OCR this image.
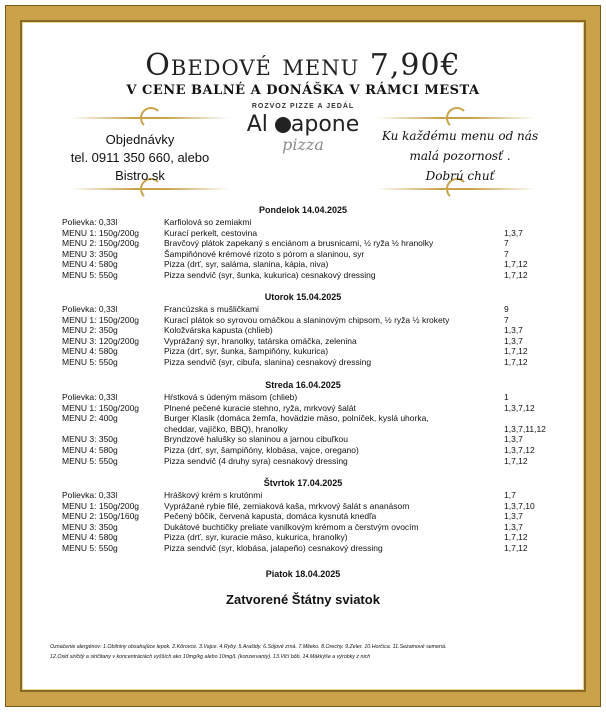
Obedové menu 7,90€
V CENE BALNÉ A DONÁŠKA V RÁMCI MESTA
Objednávky
tel. 0911 350 660, alebo
Bistro.sk
ROZVOZ PIZZE A JEDÁL
Al apone
pizza	Ku každému menu od nás
malá pozornosť .
Dobrú chuť
Pondelok 14.04.2025
Polievka: 0,33l	Karfiolová so zemiakmi
MENU 1: 150g/200g	Kurací perkelt, cestovina	1,3,7
MENU 2: 150g/200g	Bravčový plátok zapekaný s enciánom a brusnicami, ½ ryža ½ hranolky	7
MENU 3: 350g	Šampiňónové krémové rizoto s pórom a slaninou, syr	7
MENU 4: 580g	Pizza (drť, syr, saláma, slanina, kápia, niva)	1,7,12
MENU 5: 550g	Pizza sendvič (syr, šunka, kukurica) cesnakový dressing	1,7,12
Utorok 15.04.2025
Polievka: 0,33l	Francúzska s mušličkami	9
MENU 1: 150g/200g	Kurací plátok so syrovou omáčkou a slaninovým chipsom, ½ ryža ½ krokety	7
MENU 2: 350g	Koložvárska kapusta (chlieb)	1,3,7
MENU 3: 120g/200g	Vyprážaný syr, hranolky, tatárska omáčka, zelenina	1,3,7
MENU 4: 580g	Pizza (drť, syr, šunka, šampiňóny, kukurica)	1,7,12
MENU 5: 550g	Pizza sendvič (syr, cibuľa, slanina) cesnakový dressing	1,7,12
Streda 16.04.2025
Polievka: 0,33l	Hŕstková s údeným mäsom (chlieb)	1
MENU 1: 150g/200g	Plnené pečené kuracie stehno, ryža, mrkvový šalát	1,3,7,12
MENU 2: 400g	Burger Klasik (domáca žemľa, hovädzie mäso, polníček, kyslá uhorka,
cheddar, vajíčko, BBQ), hranolky	1,3,7,11,12
MENU 3: 350g	Bryndzové halušky so slaninou a jarnou cibuľkou	1,3,7
MENU 4: 580g	Pizza (drť, syr, šampiňóny, klobása, vajce, oregano)	1,3,7,12
MENU 5: 550g	Pizza sendvič (4 druhy syra) cesnakový dressing	1,7,12
Štvrtok 17.04.2025
Polievka: 0,33l	Hráškový krém s krutónmi	1,7
MENU 1: 150g/200g	Vyprážané rybie filé, zemiaková kaša, mrkvový šalát s ananásom	1,3,7,10
MENU 2: 150g/160g	Pečený bôčik, červená kapusta, domáca kysnutá knedľa	1,3,7
MENU 3: 350g	Dukátové buchtičky preliate vanilkovým krémom a čerstvým ovocím	1,3,7
MENU 4: 580g	Pizza (drť, syr, kuracie mäso, kukurica, hranolky)	1,7,12
MENU 5: 550g	Pizza sendvič (syr, klobása, jalapeño) cesnakový dressing	1,7,12
Piatok 18.04.2025
Zatvorené Štátny sviatok
Označenie alergénov: 1.Obilniny obsahujúce lepok. 2.Kôrovce. 3.Vajce. 4.Ryby. 5.Arašidy. 6.Sójové zrná. 7.Mlieko. 8.Orechy. 9.Zeler. 10.Horčica. 11.Sezamové semená.
12.Oxid siričitý a siričitany v koncentráciách vyšších ako 10mg/kg alebo 10mg/L (konzervanty). 13.Vlčí bôb. 14.Mäkkýše a výrobky z nich
